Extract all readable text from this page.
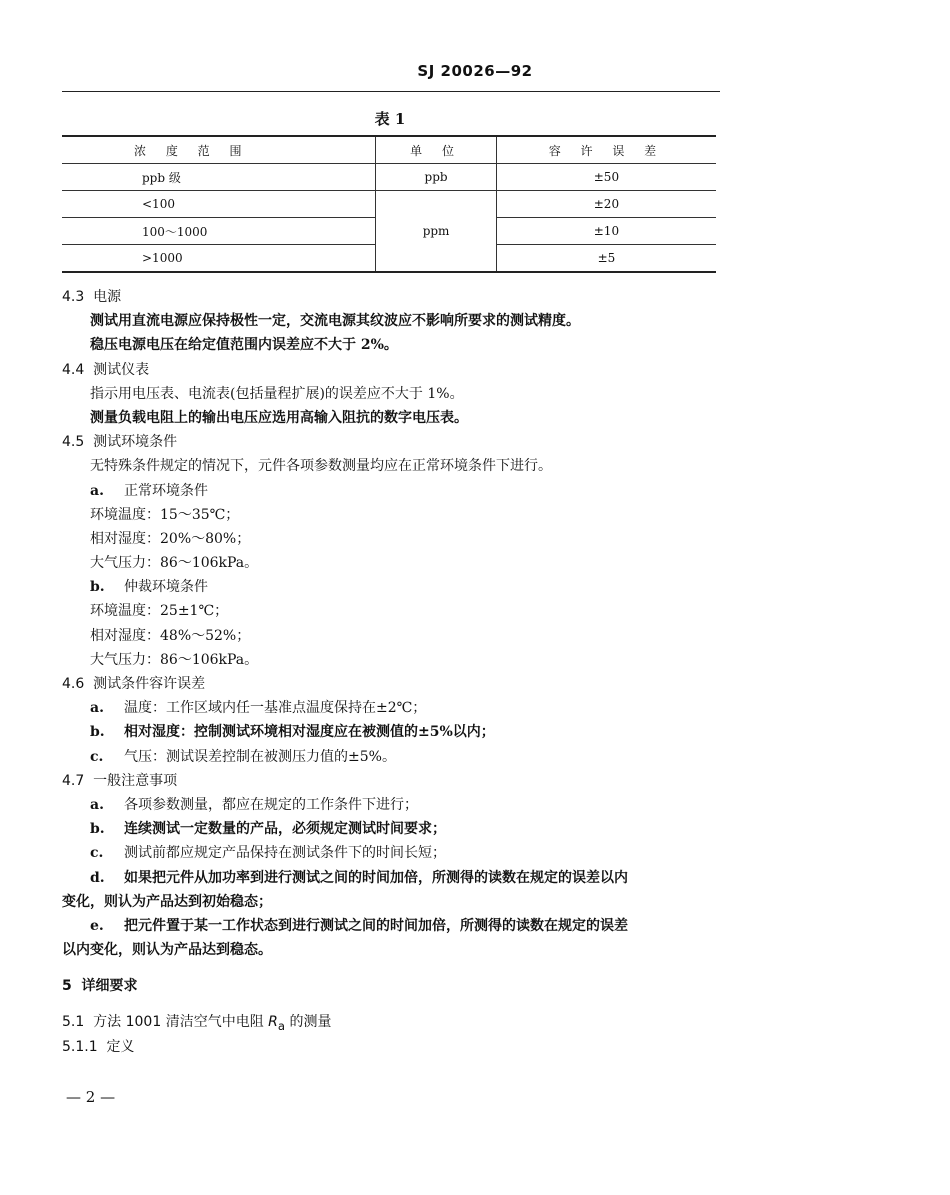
SJ 20026—92
表 1
浓 度 范 围	单 位	容 许 误 差
ppb 级	ppb	±50
<100	ppm	±20
100～1000		±10
>1000		±5
4.3 电源
测试用直流电源应保持极性一定，交流电源其纹波应不影响所要求的测试精度。
稳压电源电压在给定值范围内误差应不大于 2%。
4.4 测试仪表
指示用电压表、电流表(包括量程扩展)的误差应不大于 1%。
测量负载电阻上的输出电压应选用高输入阻抗的数字电压表。
4.5 测试环境条件
无特殊条件规定的情况下，元件各项参数测量均应在正常环境条件下进行。
a. 正常环境条件
环境温度：15～35℃；
相对湿度：20%～80%；
大气压力：86～106kPa。
b. 仲裁环境条件
环境温度：25±1℃；
相对湿度：48%～52%；
大气压力：86～106kPa。
4.6 测试条件容许误差
a. 温度：工作区域内任一基准点温度保持在±2℃；
b. 相对湿度：控制测试环境相对湿度应在被测值的±5%以内；
c. 气压：测试误差控制在被测压力值的±5%。
4.7 一般注意事项
a. 各项参数测量，都应在规定的工作条件下进行；
b. 连续测试一定数量的产品，必须规定测试时间要求；
c. 测试前都应规定产品保持在测试条件下的时间长短；
d. 如果把元件从加功率到进行测试之间的时间加倍，所测得的读数在规定的误差以内
变化，则认为产品达到初始稳态；
e. 把元件置于某一工作状态到进行测试之间的时间加倍，所测得的读数在规定的误差
以内变化，则认为产品达到稳态。
5 详细要求
5.1 方法 1001 清洁空气中电阻 $R_a$ 的测量
5.1.1 定义
— 2 —
